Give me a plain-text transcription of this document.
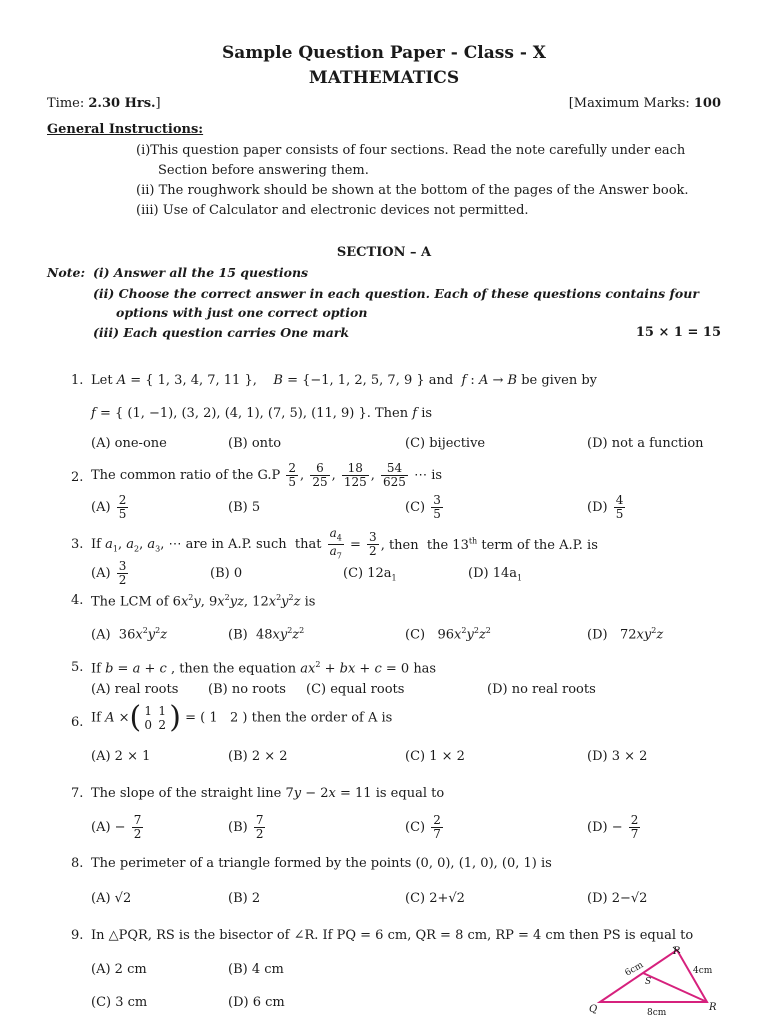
Sample Question Paper - Class - X
MATHEMATICS
Time: 2.30 Hrs.]	[Maximum Marks: 100
General Instructions:
(i)This question paper consists of four sections. Read the note carefully under each
Section before answering them.
(ii) The roughwork should be shown at the bottom of the pages of the Answer book.
(iii) Use of Calculator and electronic devices not permitted.
SECTION – A
Note: (i) Answer all the 15 questions
(ii) Choose the correct answer in each question. Each of these questions contains four
options with just one correct option
(iii) Each question carries One mark	15 × 1 = 15
1. Let A = { 1, 3, 4, 7, 11 },    B = {−1, 1, 2, 5, 7, 9 } and  f : A → B be given by
f = { (1, −1), (3, 2), (4, 1), (7, 5), (11, 9) }. Then f is
(A) one-one	(B) onto	(C) bijective	(D) not a function
2. The common ratio of the $G.P \frac{2}{5}$ , $\frac{6}{25}$ , $\frac{18}{125}$ , $\frac{54}{625}$ ⋯ is
$(A) \frac{2}{5}$	(B) 5	$(C) \frac{3}{5}$	$(D) \frac{4}{5}$
3. If $a_1$, $a_2$, $a_3$, ⋯ are in A.P. such  that $\frac{a_4}{a_7} = \frac{3}{2}$ , then  the 13th term of the A.P. is
$(A) \frac{3}{2}$	(B) 0	(C) $12a_1$	(D) $14a_1$
4. The LCM of $6x^2y$, $9x^2yz$, $12x^2y^2z$ is
(A)  $36x^2y^2z$	(B)  $48xy^2z^2$	(C)   $96x^2y^2z^2$	(D)   $72xy^2z$
5. If b = a + c , then the equation $ax^2$ + bx + c = 0 has
(A) real roots (B) no roots (C) equal roots	(D) no real roots
6. If A ×( 1 1
0 2 ) = ( 1   2 ) then the order of A is
(A) 2 × 1	(B) 2 × 2	(C) 1 × 2	(D) 3 × 2
7. The slope of the straight line 7y − 2x = 11 is equal to
$(A) - \frac{7}{2}$	$(B) \frac{7}{2}$	$(C) \frac{2}{7}$	$(D) - \frac{2}{7}$
8. The perimeter of a triangle formed by the points (0, 0), (1, 0), (0, 1) is
(A) √2	(B) 2	(C) 2+√2	(D) 2−√2
9. In △PQR, RS is the bisector of ∠R. If PQ = 6 cm, QR = 8 cm, RP = 4 cm then PS is equal to
(A) 2 cm	(B) 4 cm
(C) 3 cm	(D) 6 cm
P
Q	R
S
6cm	4cm
8cm
